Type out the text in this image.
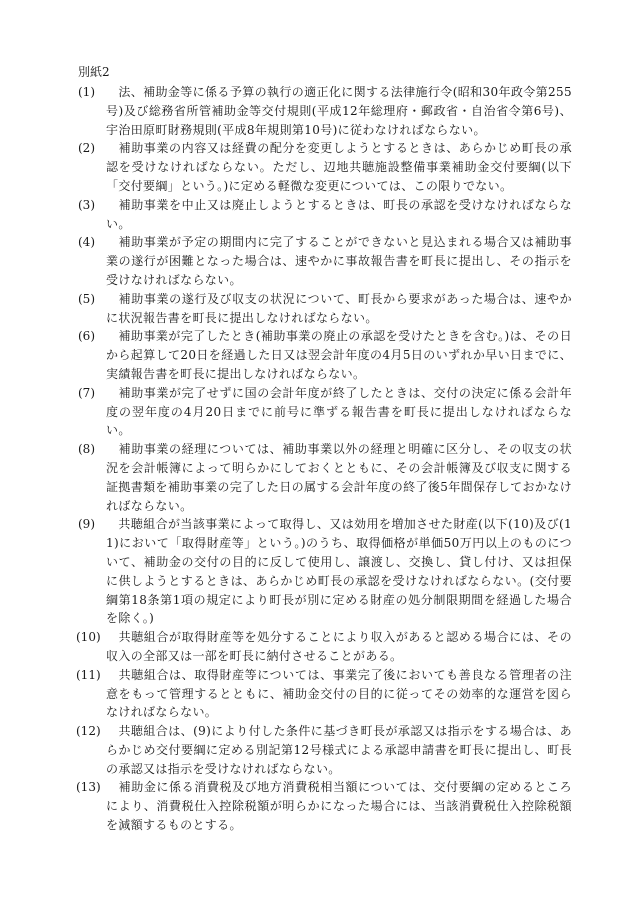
別紙2
(1) 　法、補助金等に係る予算の執行の適正化に関する法律施行令(昭和30年政令第255号)及び総務省所管補助金等交付規則(平成12年総理府・郵政省・自治省令第6号)、宇治田原町財務規則(平成8年規則第10号)に従わなければならない。
(2) 　補助事業の内容又は経費の配分を変更しようとするときは、あらかじめ町長の承認を受けなければならない。ただし、辺地共聴施設整備事業補助金交付要綱(以下「交付要綱」という。)に定める軽微な変更については、この限りでない。
(3) 　補助事業を中止又は廃止しようとするときは、町長の承認を受けなければならない。
(4) 　補助事業が予定の期間内に完了することができないと見込まれる場合又は補助事業の遂行が困難となった場合は、速やかに事故報告書を町長に提出し、その指示を受けなければならない。
(5) 　補助事業の遂行及び収支の状況について、町長から要求があった場合は、速やかに状況報告書を町長に提出しなければならない。
(6) 　補助事業が完了したとき(補助事業の廃止の承認を受けたときを含む。)は、その日から起算して20日を経過した日又は翌会計年度の4月5日のいずれか早い日までに、実績報告書を町長に提出しなければならない。
(7) 　補助事業が完了せずに国の会計年度が終了したときは、交付の決定に係る会計年度の翌年度の4月20日までに前号に準ずる報告書を町長に提出しなければならない。
(8) 　補助事業の経理については、補助事業以外の経理と明確に区分し、その収支の状況を会計帳簿によって明らかにしておくとともに、その会計帳簿及び収支に関する証拠書類を補助事業の完了した日の属する会計年度の終了後5年間保存しておかなければならない。
(9) 　共聴組合が当該事業によって取得し、又は効用を増加させた財産(以下(10)及び(11)において「取得財産等」という。)のうち、取得価格が単価50万円以上のものについて、補助金の交付の目的に反して使用し、譲渡し、交換し、貸し付け、又は担保に供しようとするときは、あらかじめ町長の承認を受けなければならない。(交付要綱第18条第1項の規定により町長が別に定める財産の処分制限期間を経過した場合を除く。)
(10) 　共聴組合が取得財産等を処分することにより収入があると認める場合には、その収入の全部又は一部を町長に納付させることがある。
(11) 　共聴組合は、取得財産等については、事業完了後においても善良なる管理者の注意をもって管理するとともに、補助金交付の目的に従ってその効率的な運営を図らなければならない。
(12) 　共聴組合は、(9)により付した条件に基づき町長が承認又は指示をする場合は、あらかじめ交付要綱に定める別記第12号様式による承認申請書を町長に提出し、町長の承認又は指示を受けなければならない。
(13) 　補助金に係る消費税及び地方消費税相当額については、交付要綱の定めるところにより、消費税仕入控除税額が明らかになった場合には、当該消費税仕入控除税額を減額するものとする。
